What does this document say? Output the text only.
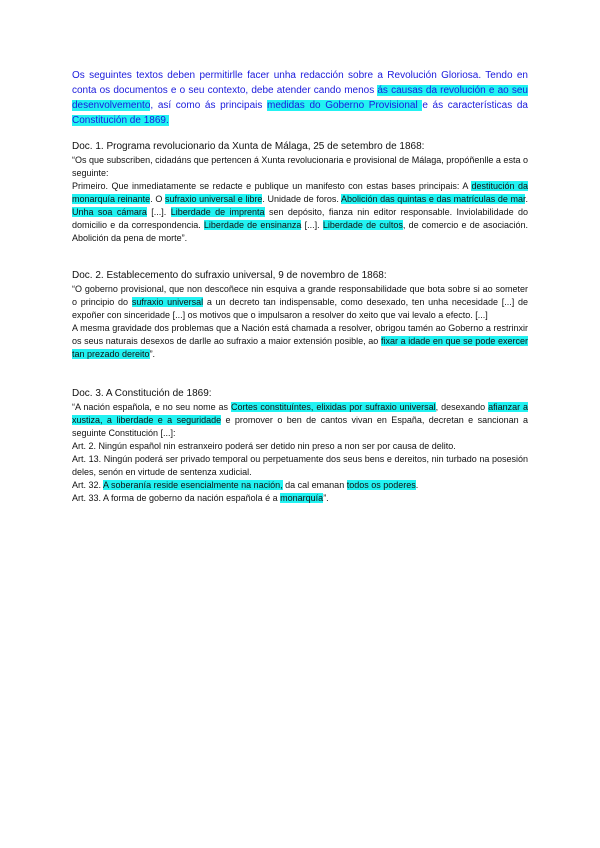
Os seguintes textos deben permitirlle facer unha redacción sobre a Revolución Gloriosa. Tendo en conta os documentos e o seu contexto, debe atender cando menos ás causas da revolución e ao seu desenvolvemento, así como ás principais medidas do Goberno Provisional e ás características da Constitución de 1869.

Doc. 1. Programa revolucionario da Xunta de Málaga, 25 de setembro de 1868:

“Os que subscriben, cidadáns que pertencen á Xunta revolucionaria e provisional de Málaga, propóñenlle a esta o seguinte:

Primeiro. Que inmediatamente se redacte e publique un manifesto con estas bases principais: A destitución da monarquía reinante. O sufraxio universal e libre. Unidade de foros. Abolición das quintas e das matrículas de mar. Unha soa cámara [...]. Liberdade de imprenta sen depósito, fianza nin editor responsable. Inviolabilidade do domicilio e da correspondencia. Liberdade de ensinanza [...]. Liberdade de cultos, de comercio e de asociación. Abolición da pena de morte”.

Doc. 2. Establecemento do sufraxio universal, 9 de novembro de 1868:

“O goberno provisional, que non descoñece nin esquiva a grande responsabilidade que bota sobre si ao someter o principio do sufraxio universal a un decreto tan indispensable, como desexado, ten unha necesidade [...] de expoñer con sinceridade [...] os motivos que o impulsaron a resolver do xeito que vai levalo a efecto. [...]

A mesma gravidade dos problemas que a Nación está chamada a resolver, obrigou tamén ao Goberno a restrinxir os seus naturais desexos de darlle ao sufraxio a maior extensión posible, ao fixar a idade en que se pode exercer tan prezado dereito”.

Doc. 3. A Constitución de 1869:

“A nación española, e no seu nome as Cortes constituíntes, elixidas por sufraxio universal, desexando afianzar a xustiza, a liberdade e a seguridade e promover o ben de cantos vivan en España, decretan e sancionan a seguinte Constitución [...]:

Art. 2. Ningún español nin estranxeiro poderá ser detido nin preso a non ser por causa de delito.

Art. 13. Ningún poderá ser privado temporal ou perpetuamente dos seus bens e dereitos, nin turbado na posesión deles, senón en virtude de sentenza xudicial.

Art. 32. A soberanía reside esencialmente na nación, da cal emanan todos os poderes.

Art. 33. A forma de goberno da nación española é a monarquía”.
